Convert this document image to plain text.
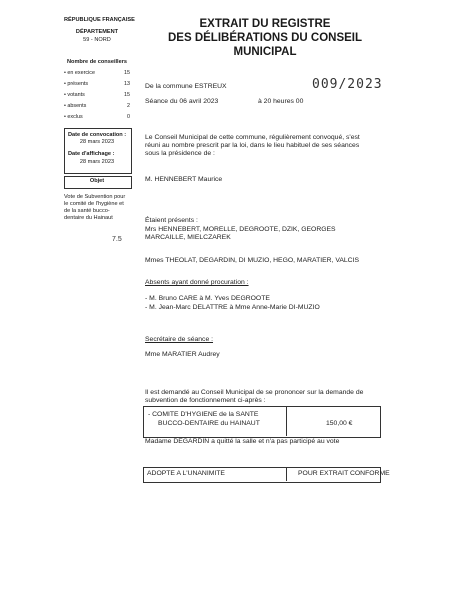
RÉPUBLIQUE FRANÇAISE
DÉPARTEMENT
59 - NORD
Nombre de conseillers
• en exercice	15
• présents	13
• votants	15
• absents	2
• exclus	0
Date de convocation :
28 mars 2023
Date d'affichage :
28 mars 2023
Objet
Vote de Subvention pour
le comité de l'hygiène et
de la santé bucco-
dentaire du Hainaut
7.5
EXTRAIT DU REGISTRE
DES DÉLIBÉRATIONS DU CONSEIL
MUNICIPAL
009/2023
De la commune ESTREUX
Séance du 06 avril 2023	à 20 heures 00
Le Conseil Municipal de cette commune, régulièrement convoqué, s'est
réuni au nombre prescrit par la loi, dans le lieu habituel de ses séances
sous la présidence de :
M. HENNEBERT Maurice
Étaient présents :
Mrs HENNEBERT, MORELLE, DEGROOTE, DZIK, GEORGES
MARCAILLE, MIELCZAREK
Mmes THEOLAT, DEGARDIN, DI MUZIO, HEGO, MARATIER, VALCIS
Absents ayant donné procuration :
- M. Bruno CARE à M. Yves DEGROOTE
- M. Jean-Marc DELATTRE à Mme Anne-Marie DI-MUZIO
Secrétaire de séance :
Mme MARATIER Audrey
Il est demandé au Conseil Municipal de se prononcer sur la demande de
subvention de fonctionnement ci-après :
- COMITE D'HYGIENE de la SANTE
BUCCO-DENTAIRE du HAINAUT	150,00 €
Madame DEGARDIN a quitté la salle et n'a pas participé au vote
ADOPTE A L'UNANIMITE	POUR EXTRAIT CONFORME
